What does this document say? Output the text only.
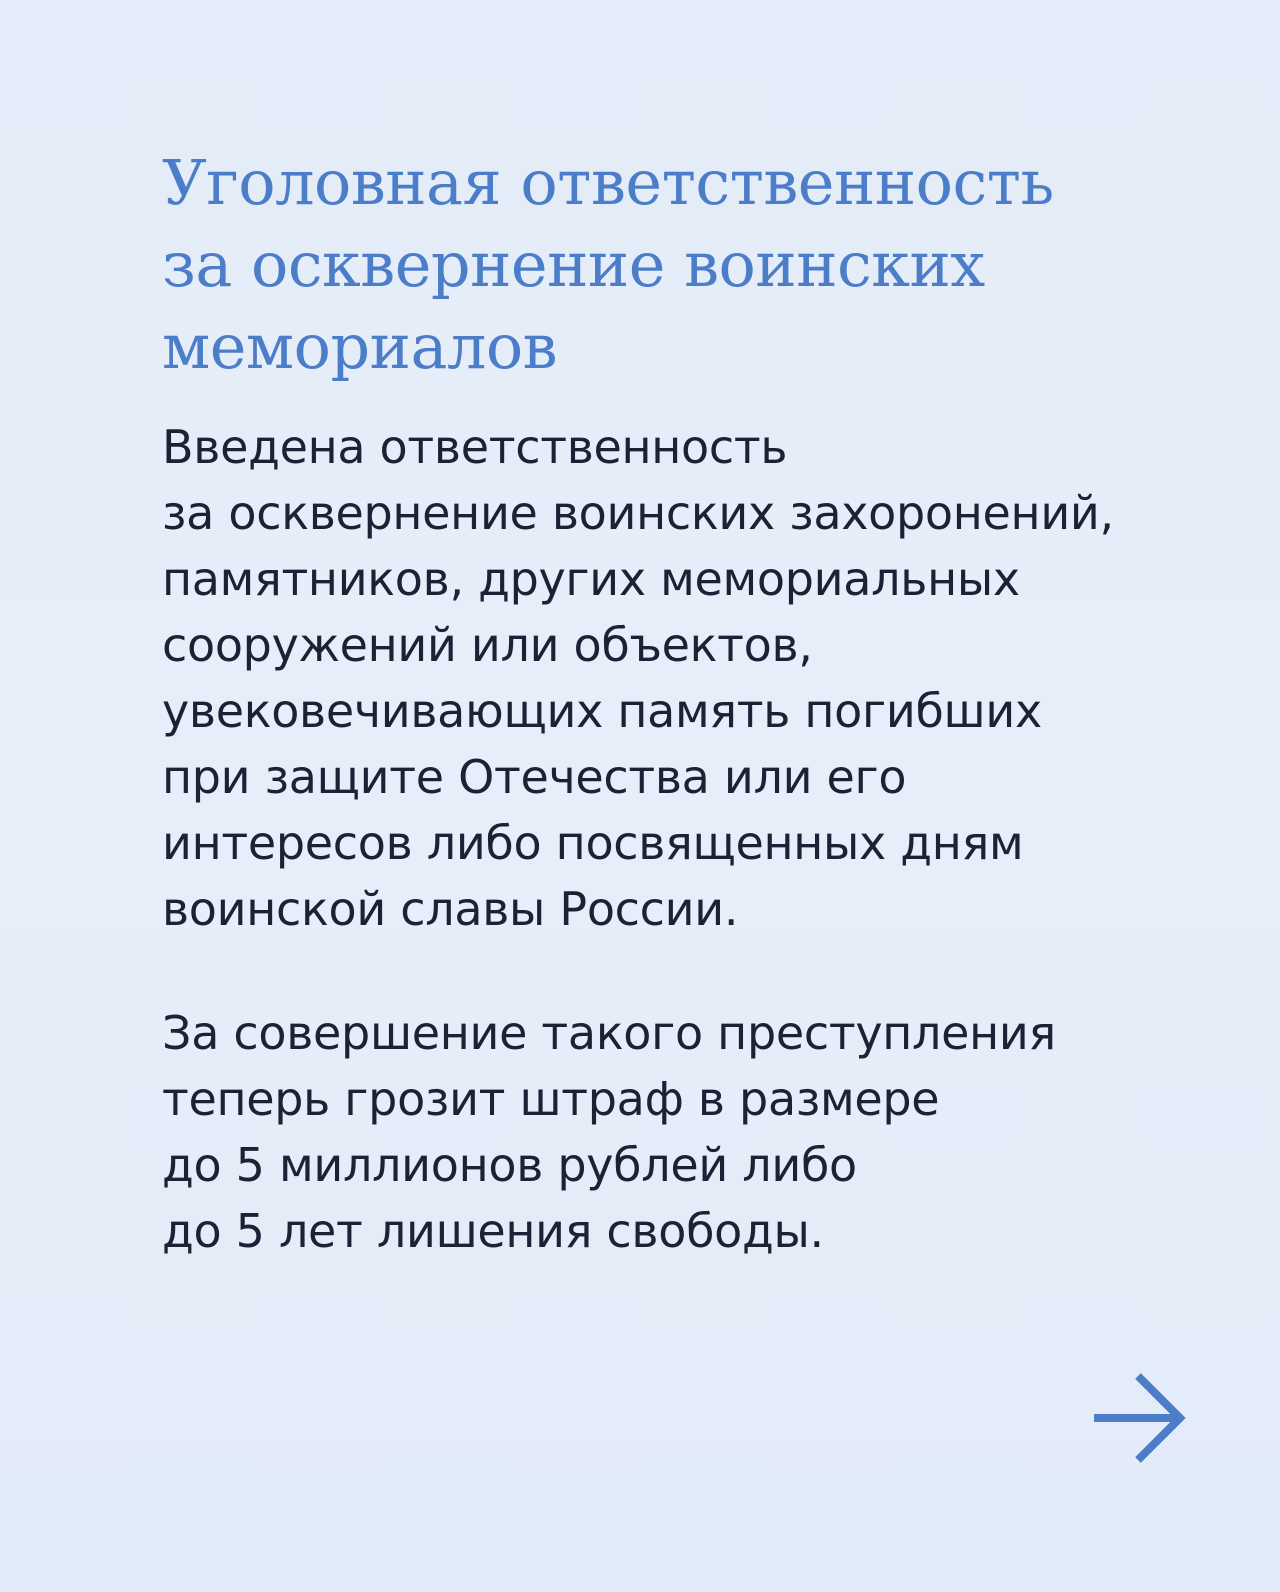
Уголовная ответственность
за осквернение воинских
мемориалов

Введена ответственность
за осквернение воинских захоронений,
памятников, других мемориальных
сооружений или объектов,
увековечивающих память погибших
при защите Отечества или его
интересов либо посвященных дням
воинской славы России.

За совершение такого преступления
теперь грозит штраф в размере
до 5 миллионов рублей либо
до 5 лет лишения свободы.
